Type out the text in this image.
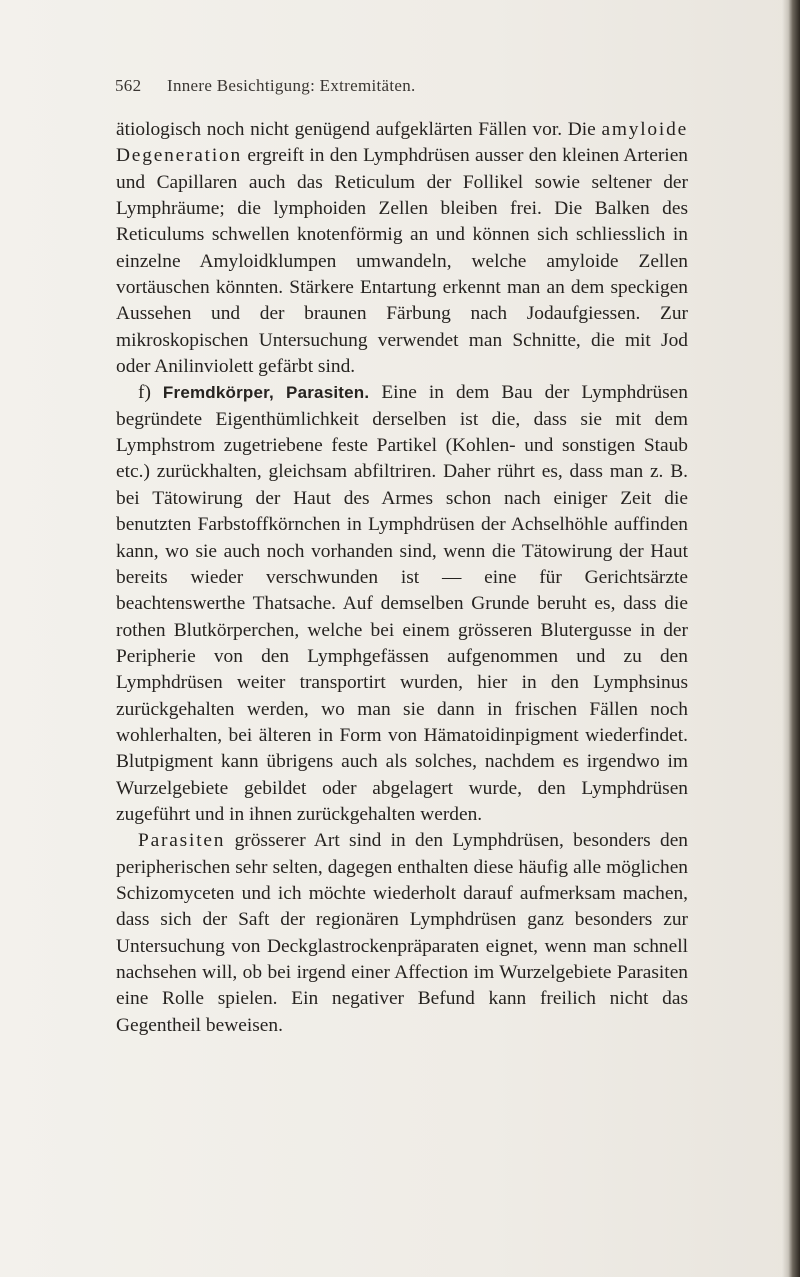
562 Innere Besichtigung: Extremitäten.

ätiologisch noch nicht genügend aufgeklärten Fällen vor. Die amyloide Degeneration ergreift in den Lymphdrüsen ausser den kleinen Arterien und Capillaren auch das Reticulum der Follikel sowie seltener der Lymphräume; die lymphoiden Zellen bleiben frei. Die Balken des Reticulums schwellen knotenförmig an und können sich schliesslich in einzelne Amyloidklumpen umwandeln, welche amyloide Zellen vortäuschen könnten. Stärkere Entartung erkennt man an dem speckigen Aussehen und der braunen Färbung nach Jodaufgiessen. Zur mikroskopischen Untersuchung verwendet man Schnitte, die mit Jod oder Anilinviolett gefärbt sind.

f) Fremdkörper, Parasiten. Eine in dem Bau der Lymphdrüsen begründete Eigenthümlichkeit derselben ist die, dass sie mit dem Lymphstrom zugetriebene feste Partikel (Kohlen- und sonstigen Staub etc.) zurückhalten, gleichsam abfiltriren. Daher rührt es, dass man z. B. bei Tätowirung der Haut des Armes schon nach einiger Zeit die benutzten Farbstoffkörnchen in Lymphdrüsen der Achselhöhle auffinden kann, wo sie auch noch vorhanden sind, wenn die Tätowirung der Haut bereits wieder verschwunden ist — eine für Gerichtsärzte beachtenswerthe Thatsache. Auf demselben Grunde beruht es, dass die rothen Blutkörperchen, welche bei einem grösseren Blutergusse in der Peripherie von den Lymphgefässen aufgenommen und zu den Lymphdrüsen weiter transportirt wurden, hier in den Lymphsinus zurückgehalten werden, wo man sie dann in frischen Fällen noch wohlerhalten, bei älteren in Form von Hämatoidinpigment wiederfindet. Blutpigment kann übrigens auch als solches, nachdem es irgendwo im Wurzelgebiete gebildet oder abgelagert wurde, den Lymphdrüsen zugeführt und in ihnen zurückgehalten werden.

Parasiten grösserer Art sind in den Lymphdrüsen, besonders den peripherischen sehr selten, dagegen enthalten diese häufig alle möglichen Schizomyceten und ich möchte wiederholt darauf aufmerksam machen, dass sich der Saft der regionären Lymphdrüsen ganz besonders zur Untersuchung von Deckglastrockenpräparaten eignet, wenn man schnell nachsehen will, ob bei irgend einer Affection im Wurzelgebiete Parasiten eine Rolle spielen. Ein negativer Befund kann freilich nicht das Gegentheil beweisen.
